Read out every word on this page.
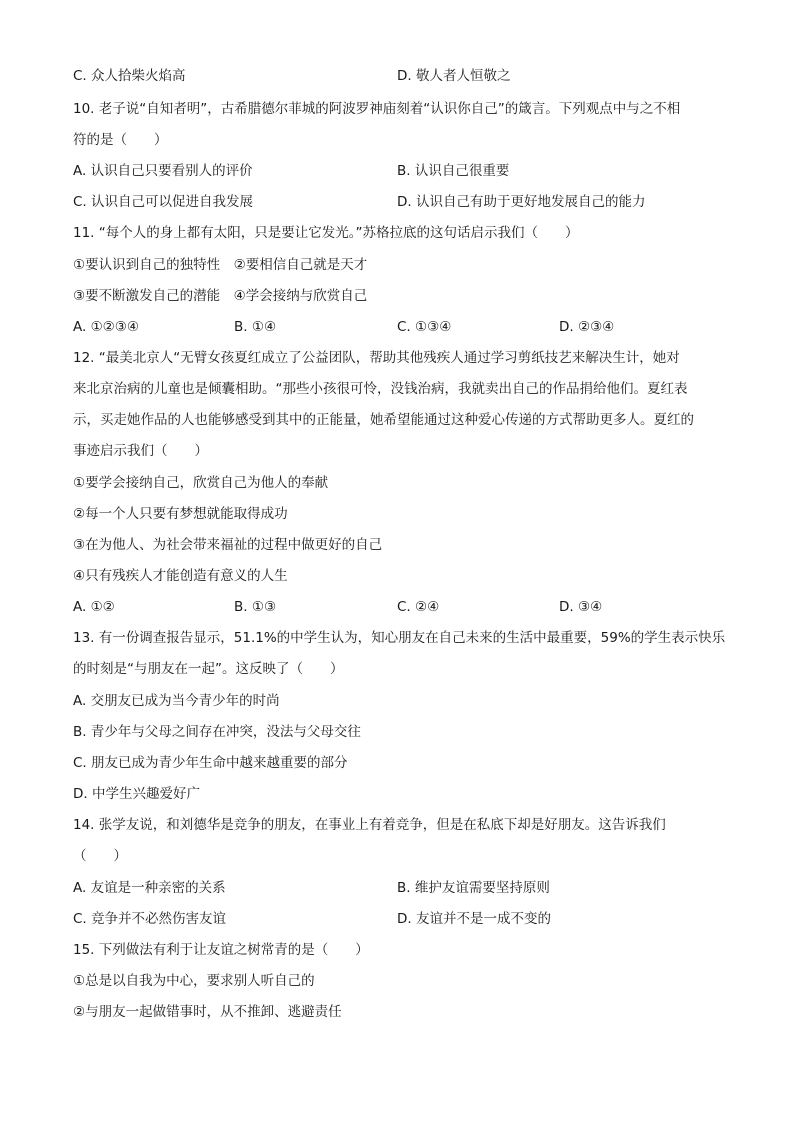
C. 众人拾柴火焰高	D. 敬人者人恒敬之
10. 老子说“自知者明”，古希腊德尔菲城的阿波罗神庙刻着“认识你自己”的箴言。下列观点中与之不相
符的是（　　）
A. 认识自己只要看别人的评价	B. 认识自己很重要
C. 认识自己可以促进自我发展	D. 认识自己有助于更好地发展自己的能力
11. “每个人的身上都有太阳，只是要让它发光。”苏格拉底的这句话启示我们（　　）
①要认识到自己的独特性　②要相信自己就是天才
③要不断激发自己的潜能　④学会接纳与欣赏自己
A. ①②③④	B. ①④	C. ①③④	D. ②③④
12. “最美北京人“无臂女孩夏红成立了公益团队，帮助其他残疾人通过学习剪纸技艺来解决生计，她对
来北京治病的儿童也是倾囊相助。“那些小孩很可怜，没钱治病，我就卖出自己的作品捐给他们。夏红表
示，买走她作品的人也能够感受到其中的正能量，她希望能通过这种爱心传递的方式帮助更多人。夏红的
事迹启示我们（　　）
①要学会接纳自己，欣赏自己为他人的奉献
②每一个人只要有梦想就能取得成功
③在为他人、为社会带来福祉的过程中做更好的自己
④只有残疾人才能创造有意义的人生
A. ①②	B. ①③	C. ②④	D. ③④
13. 有一份调查报告显示，51.1%的中学生认为，知心朋友在自己未来的生活中最重要，59%的学生表示快乐
的时刻是“与朋友在一起”。这反映了（　　）
A. 交朋友已成为当今青少年的时尚
B. 青少年与父母之间存在冲突，没法与父母交往
C. 朋友已成为青少年生命中越来越重要的部分
D. 中学生兴趣爱好广
14. 张学友说，和刘德华是竞争的朋友，在事业上有着竞争，但是在私底下却是好朋友。这告诉我们
（　　）
A. 友谊是一种亲密的关系	B. 维护友谊需要坚持原则
C. 竞争并不必然伤害友谊	D. 友谊并不是一成不变的
15. 下列做法有利于让友谊之树常青的是（　　）
①总是以自我为中心，要求别人听自己的
②与朋友一起做错事时，从不推卸、逃避责任
